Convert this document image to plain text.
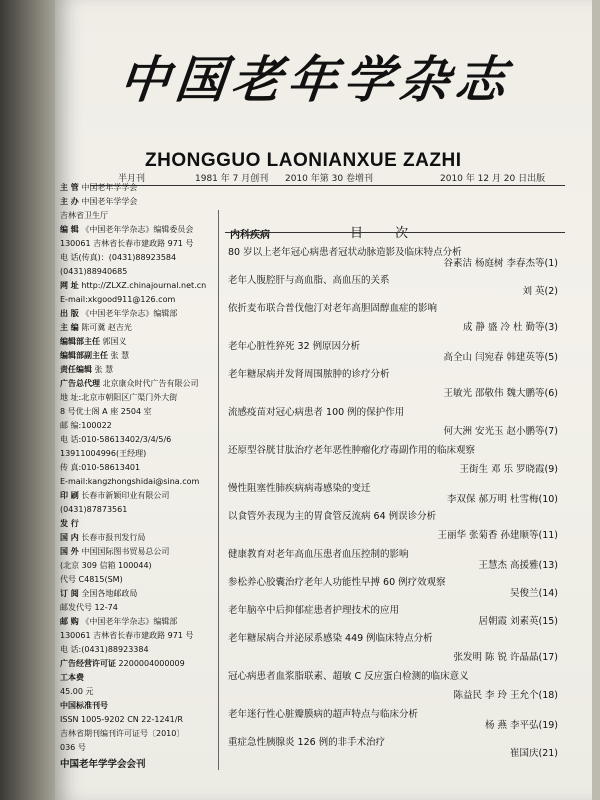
中国老年学杂志
ZHONGGUO LAONIANXUE ZAZHI
半月刊	1981 年 7 月创刊 2010 年第 30 卷增刊	2010 年 12 月 20 日出版
主 管 中国老年学学会
主 办 中国老年学学会
吉林省卫生厅
编 辑 《中国老年学杂志》编辑委员会
130061 吉林省长春市建政路 971 号
电 话(传真)：(0431)88923584
(0431)88940685
网 址 http://ZLXZ.chinajournal.net.cn
E-mail:xkgood911@126.com
出 版 《中国老年学杂志》编辑部
主 编 陈可冀 赵吉光
编辑部主任 郭国义
编辑部副主任 张 慧
责任编辑 张 慧
广告总代理 北京康众时代广告有限公司
地 址:北京市朝阳区广渠门外大街
8 号优士阁 A 座 2504 室
邮 编:100022
电 话:010-58613402/3/4/5/6
13911004996(王经理)
传 真:010-58613401
E-mail:kangzhongshidai@sina.com
印 刷 长春市新颖印业有限公司
(0431)87873561
发 行
国 内 长春市报刊发行局
国 外 中国国际图书贸易总公司
(北京 309 信箱 100044)
代号 C4815(SM)
订 阅 全国各地邮政局
邮发代号 12-74
邮 购 《中国老年学杂志》编辑部
130061 吉林省长春市建政路 971 号
电 话:(0431)88923384
广告经营许可证 2200004000009
工本费
45.00 元
中国标准刊号
ISSN 1005-9202 CN 22-1241/R
吉林省期刊编刊许可证号〔2010〕
036 号
中国老年学学会会刊
目 次
内科疾病
80 岁以上老年冠心病患者冠状动脉造影及临床特点分析
谷素洁 杨庭树 李春杰等(1)
老年人腹腔肝与高血脂、高血压的关系
刘 英(2)
依折麦布联合普伐他汀对老年高胆固醇血症的影响
成 静 盛 冷 杜 勤等(3)
老年心脏性猝死 32 例原因分析
高全山 闫宛春 韩建英等(5)
老年糖尿病并发肾周围脓肿的诊疗分析
王敏光 邵敬伟 魏大鹏等(6)
流感疫苗对冠心病患者 100 例的保护作用
何大洲 安光玉 赵小鹏等(7)
还原型谷胱甘肽治疗老年恶性肿瘤化疗毒副作用的临床观察
王街生 邓 乐 罗晓霞(9)
慢性阻塞性肺疾病病毒感染的变迁
李双保 郝万明 杜雪梅(10)
以食管外表现为主的胃食管反流病 64 例误诊分析
王丽华 张菊香 孙建顺等(11)
健康教育对老年高血压患者血压控制的影响
王慧杰 高援雅(13)
参松养心胶囊治疗老年人功能性早搏 60 例疗效观察
吴俊兰(14)
老年脑卒中后抑郁症患者护理技术的应用
居朝霞 刘素英(15)
老年糖尿病合并泌尿系感染 449 例临床特点分析
张发明 陈 锐 许晶晶(17)
冠心病患者血浆脂联素、超敏 C 反应蛋白检测的临床意义
陈益民 李 玲 王允个(18)
老年迷行性心脏瓣膜病的超声特点与临床分析
杨 燕 李平弘(19)
重症急性胰腺炎 126 例的非手术治疗
崔国庆(21)
